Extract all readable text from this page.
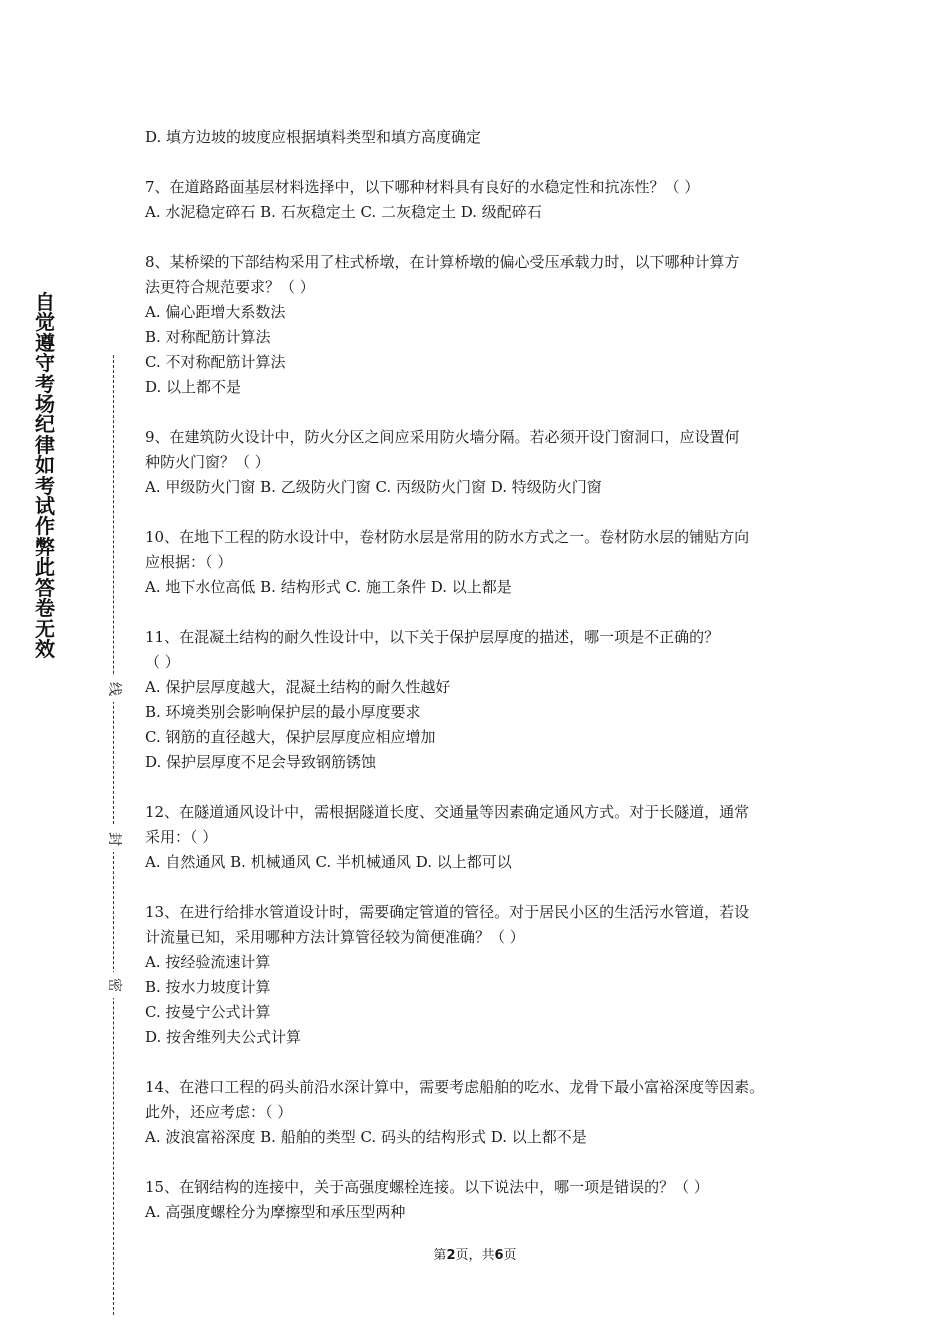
自觉遵守考场纪律如考试作弊此答卷无效
线
封
密
D. 填方边坡的坡度应根据填料类型和填方高度确定
7、在道路路面基层材料选择中，以下哪种材料具有良好的水稳定性和抗冻性？（ ）
A. 水泥稳定碎石 B. 石灰稳定土 C. 二灰稳定土 D. 级配碎石
8、某桥梁的下部结构采用了柱式桥墩，在计算桥墩的偏心受压承载力时，以下哪种计算方
法更符合规范要求？（ ）
A. 偏心距增大系数法
B. 对称配筋计算法
C. 不对称配筋计算法
D. 以上都不是
9、在建筑防火设计中，防火分区之间应采用防火墙分隔。若必须开设门窗洞口，应设置何
种防火门窗？（ ）
A. 甲级防火门窗 B. 乙级防火门窗 C. 丙级防火门窗 D. 特级防火门窗
10、在地下工程的防水设计中，卷材防水层是常用的防水方式之一。卷材防水层的铺贴方向
应根据：（ ）
A. 地下水位高低 B. 结构形式 C. 施工条件 D. 以上都是
11、在混凝土结构的耐久性设计中，以下关于保护层厚度的描述，哪一项是不正确的？
（ ）
A. 保护层厚度越大，混凝土结构的耐久性越好
B. 环境类别会影响保护层的最小厚度要求
C. 钢筋的直径越大，保护层厚度应相应增加
D. 保护层厚度不足会导致钢筋锈蚀
12、在隧道通风设计中，需根据隧道长度、交通量等因素确定通风方式。对于长隧道，通常
采用：（ ）
A. 自然通风 B. 机械通风 C. 半机械通风 D. 以上都可以
13、在进行给排水管道设计时，需要确定管道的管径。对于居民小区的生活污水管道，若设
计流量已知，采用哪种方法计算管径较为简便准确？（ ）
A. 按经验流速计算
B. 按水力坡度计算
C. 按曼宁公式计算
D. 按舍维列夫公式计算
14、在港口工程的码头前沿水深计算中，需要考虑船舶的吃水、龙骨下最小富裕深度等因素。
此外，还应考虑：（ ）
A. 波浪富裕深度 B. 船舶的类型 C. 码头的结构形式 D. 以上都不是
15、在钢结构的连接中，关于高强度螺栓连接。以下说法中，哪一项是错误的？（ ）
A. 高强度螺栓分为摩擦型和承压型两种
第2页，共6页
